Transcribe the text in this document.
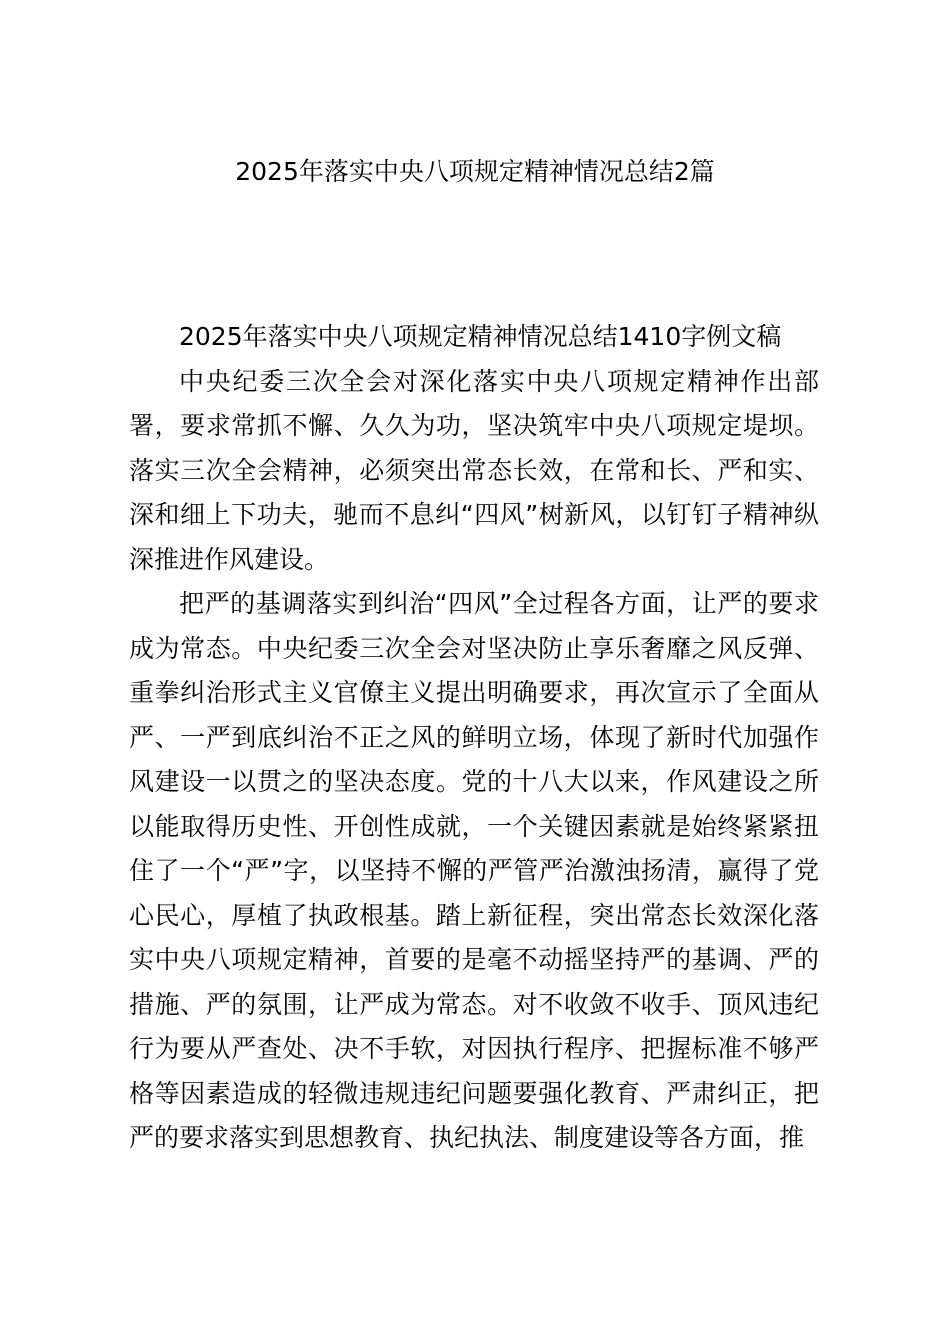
2025年落实中央八项规定精神情况总结2篇

2025年落实中央八项规定精神情况总结1410字例文稿

中央纪委三次全会对深化落实中央八项规定精神作出部署，要求常抓不懈、久久为功，坚决筑牢中央八项规定堤坝。落实三次全会精神，必须突出常态长效，在常和长、严和实、深和细上下功夫，驰而不息纠“四风”树新风，以钉钉子精神纵深推进作风建设。

把严的基调落实到纠治“四风”全过程各方面，让严的要求成为常态。中央纪委三次全会对坚决防止享乐奢靡之风反弹、重拳纠治形式主义官僚主义提出明确要求，再次宣示了全面从严、一严到底纠治不正之风的鲜明立场，体现了新时代加强作风建设一以贯之的坚决态度。党的十八大以来，作风建设之所以能取得历史性、开创性成就，一个关键因素就是始终紧紧扭住了一个“严”字，以坚持不懈的严管严治激浊扬清，赢得了党心民心，厚植了执政根基。踏上新征程，突出常态长效深化落实中央八项规定精神，首要的是毫不动摇坚持严的基调、严的措施、严的氛围，让严成为常态。对不收敛不收手、顶风违纪行为要从严查处、决不手软，对因执行程序、把握标准不够严格等因素造成的轻微违规违纪问题要强化教育、严肃纠正，把严的要求落实到思想教育、执纪执法、制度建设等各方面，推
